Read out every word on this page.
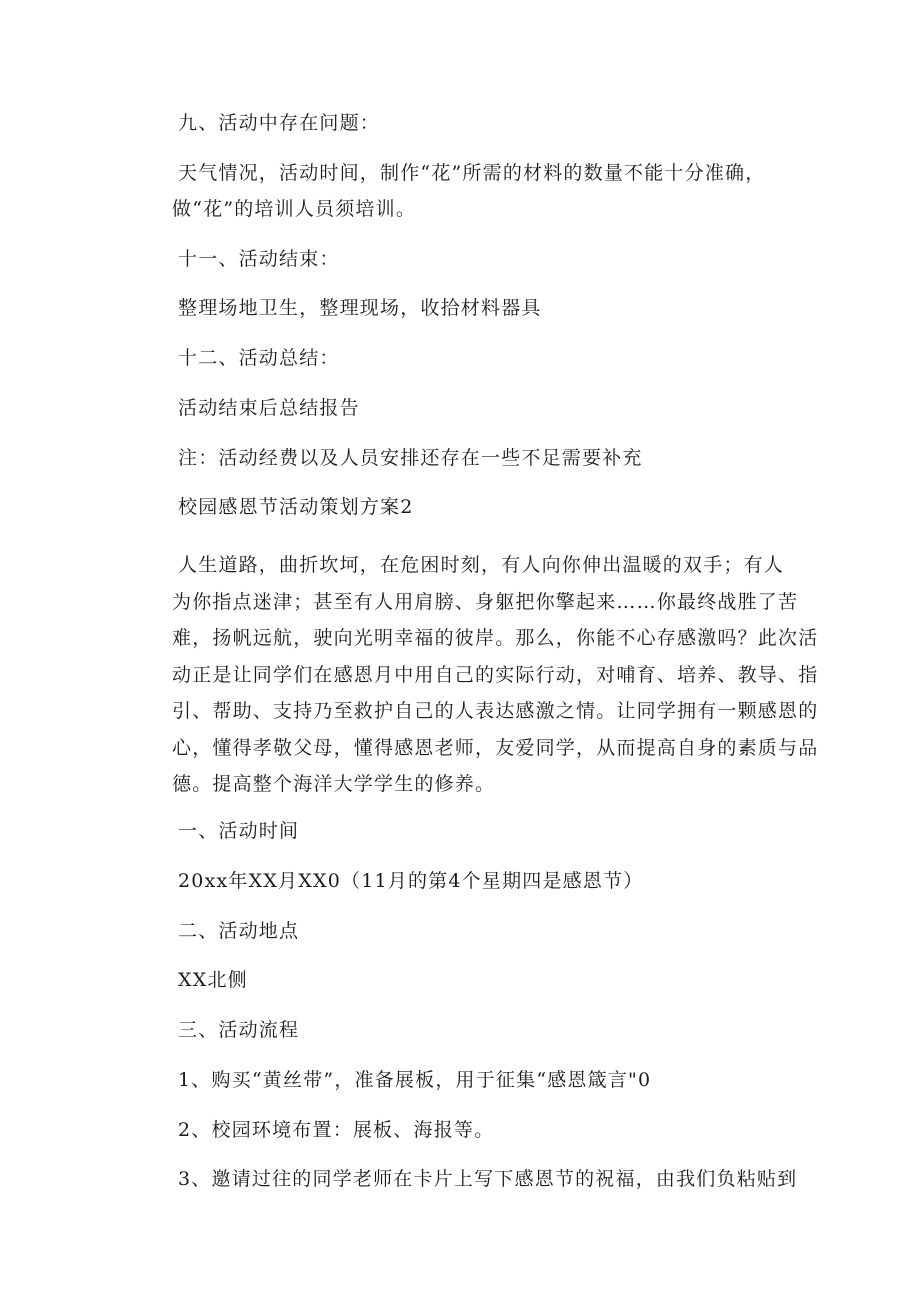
九、活动中存在问题：
天气情况，活动时间，制作“花”所需的材料的数量不能十分准确，
做“花”的培训人员须培训。
十一、活动结束：
整理场地卫生，整理现场，收拾材料器具
十二、活动总结：
活动结束后总结报告
注：活动经费以及人员安排还存在一些不足需要补充
校园感恩节活动策划方案2
人生道路，曲折坎坷，在危困时刻，有人向你伸出温暖的双手；有人
为你指点迷津；甚至有人用肩膀、身躯把你擎起来……你最终战胜了苦
难，扬帆远航，驶向光明幸福的彼岸。那么，你能不心存感激吗？此次活
动正是让同学们在感恩月中用自己的实际行动，对哺育、培养、教导、指
引、帮助、支持乃至救护自己的人表达感激之情。让同学拥有一颗感恩的
心，懂得孝敬父母，懂得感恩老师，友爱同学，从而提高自身的素质与品
德。提高整个海洋大学学生的修养。
一、活动时间
20xx年XX月XX0（11月的第4个星期四是感恩节）
二、活动地点
XX北侧
三、活动流程
1、购买“黄丝带”，准备展板，用于征集“感恩箴言"0
2、校园环境布置：展板、海报等。
3、邀请过往的同学老师在卡片上写下感恩节的祝福，由我们负粘贴到
